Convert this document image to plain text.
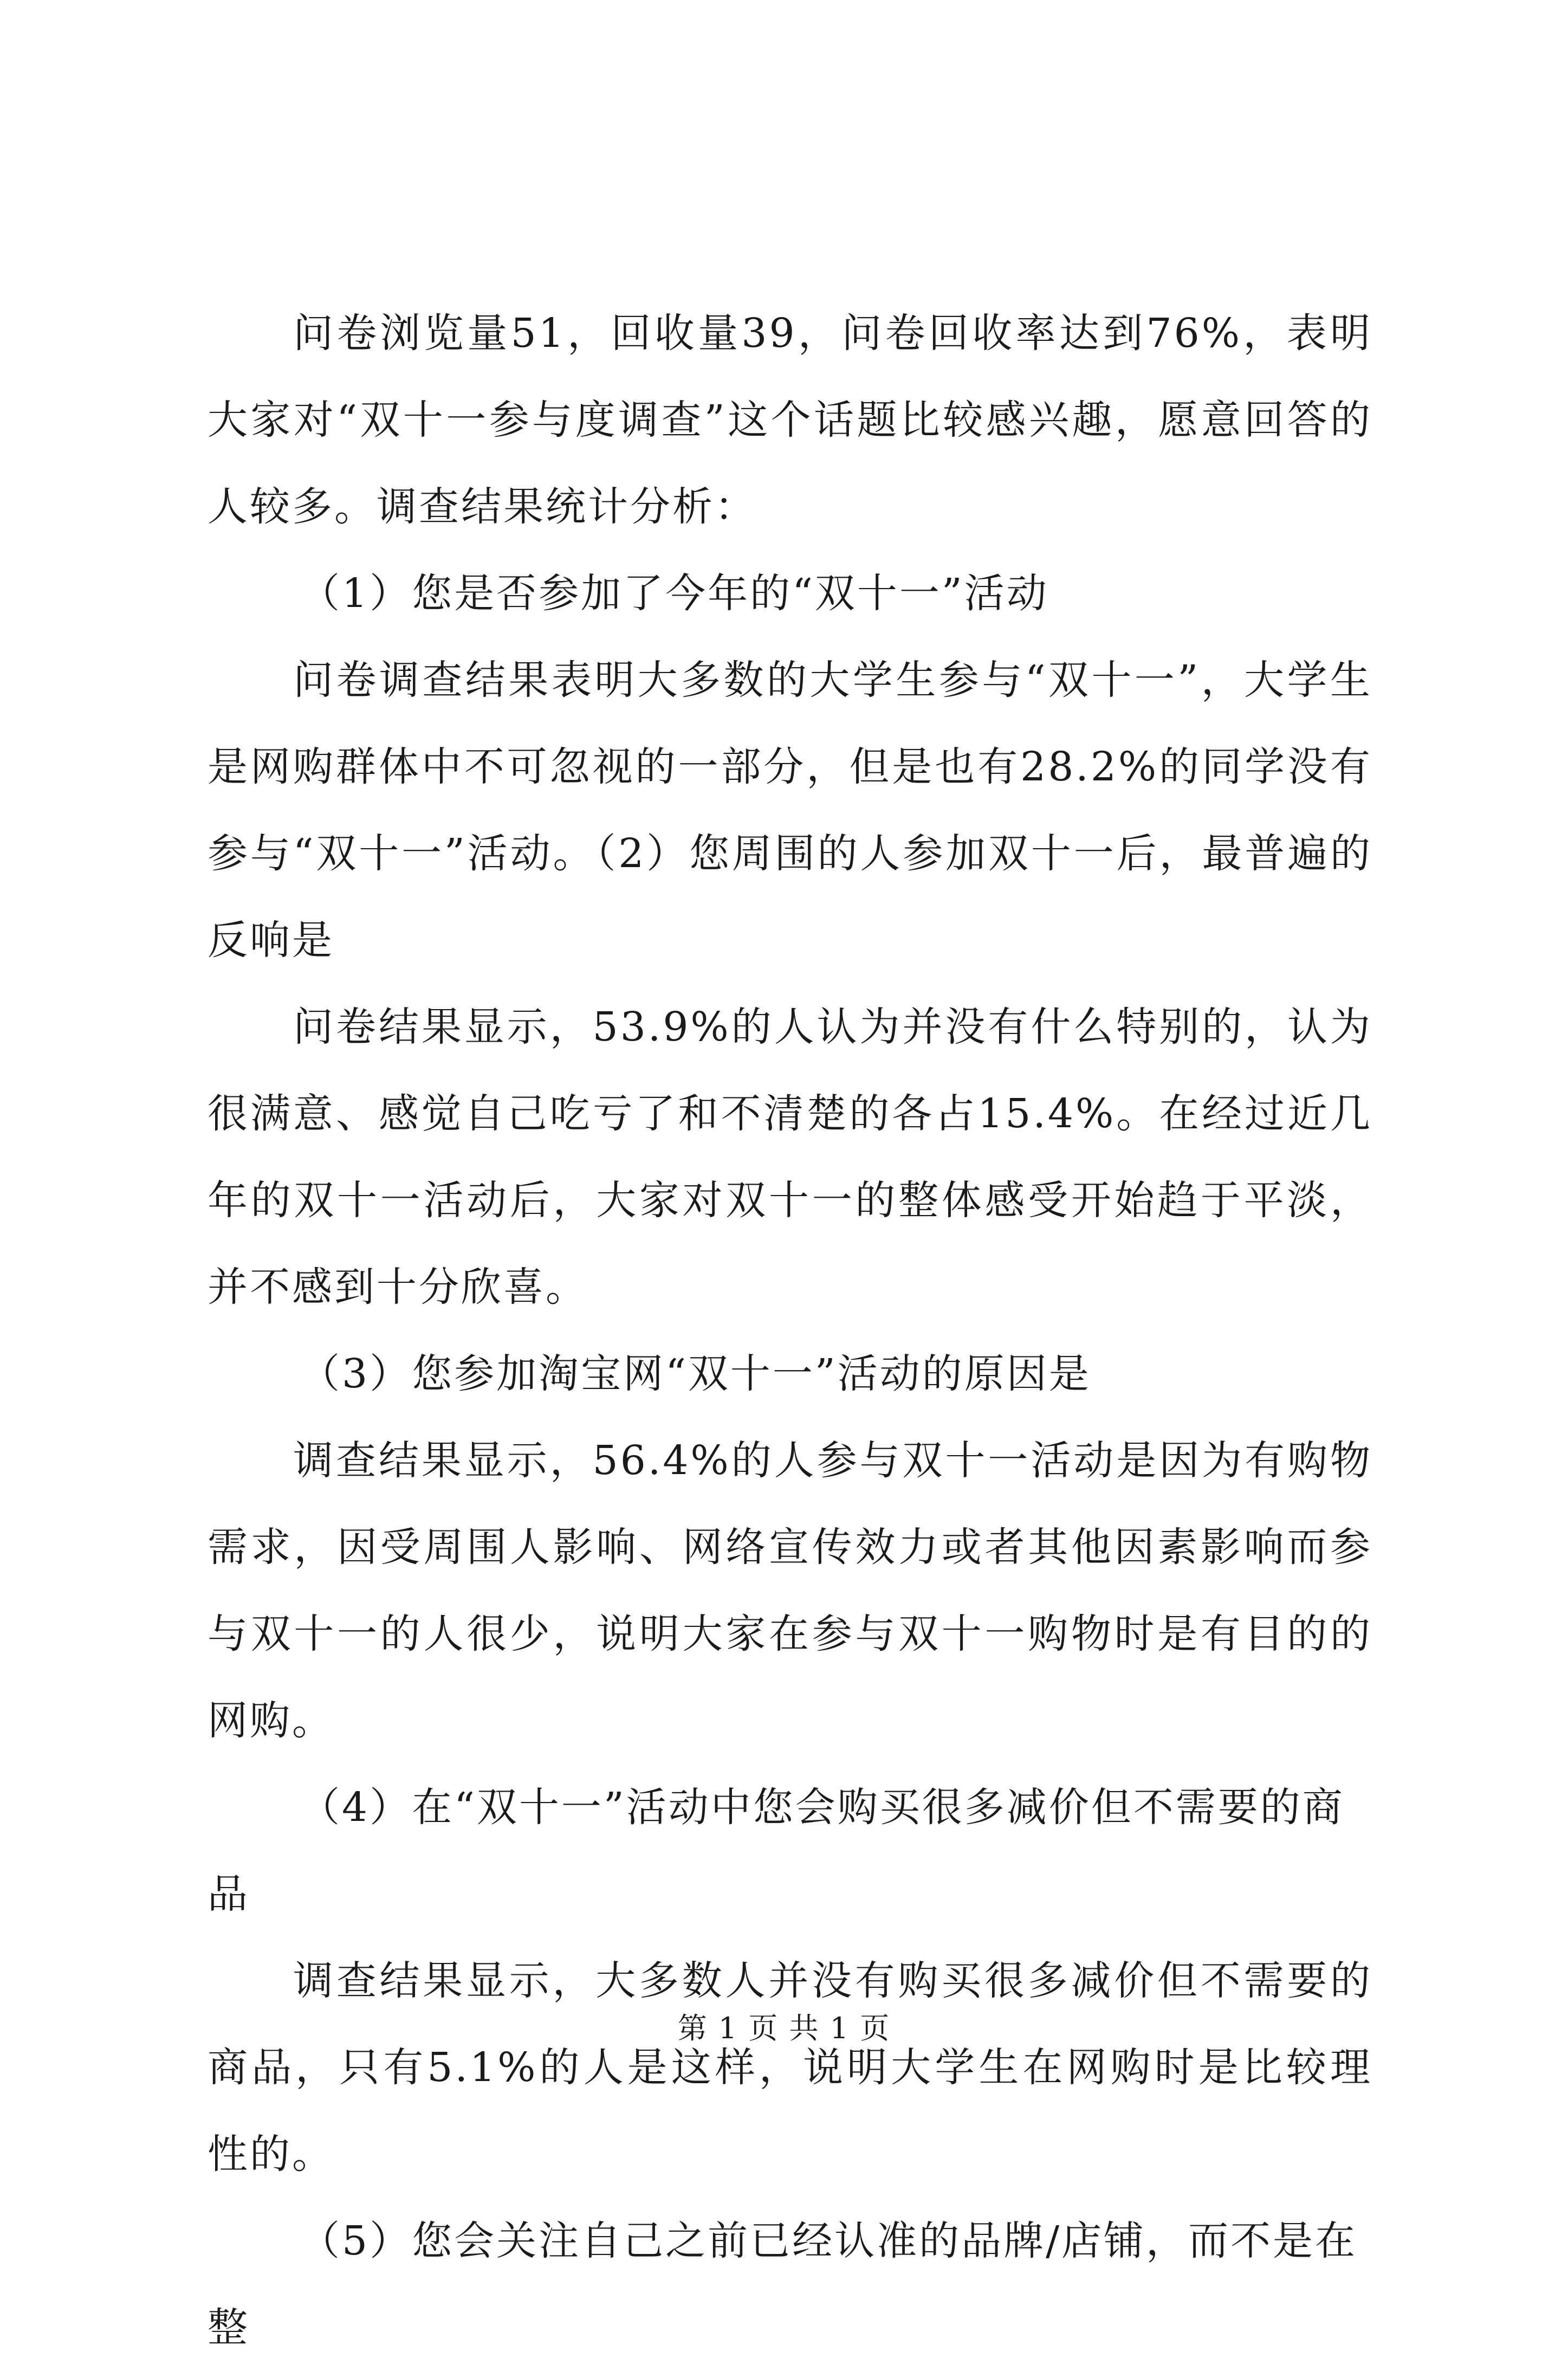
问卷浏览量51，回收量39，问卷回收率达到76%，表明大家对“双十一参与度调查”这个话题比较感兴趣，愿意回答的人较多。调查结果统计分析：

（1）您是否参加了今年的“双十一”活动

问卷调查结果表明大多数的大学生参与“双十一”，大学生是网购群体中不可忽视的一部分，但是也有28.2%的同学没有参与“双十一”活动。（2）您周围的人参加双十一后，最普遍的反响是

问卷结果显示，53.9%的人认为并没有什么特别的，认为很满意、感觉自己吃亏了和不清楚的各占15.4%。在经过近几年的双十一活动后，大家对双十一的整体感受开始趋于平淡，并不感到十分欣喜。

（3）您参加淘宝网“双十一”活动的原因是

调查结果显示，56.4%的人参与双十一活动是因为有购物需求，因受周围人影响、网络宣传效力或者其他因素影响而参与双十一的人很少，说明大家在参与双十一购物时是有目的的网购。

（4）在“双十一”活动中您会购买很多减价但不需要的商品

调查结果显示，大多数人并没有购买很多减价但不需要的商品，只有5.1%的人是这样，说明大学生在网购时是比较理性的。

（5）您会关注自己之前已经认准的品牌/店铺，而不是在整

第 1 页 共 1 页
